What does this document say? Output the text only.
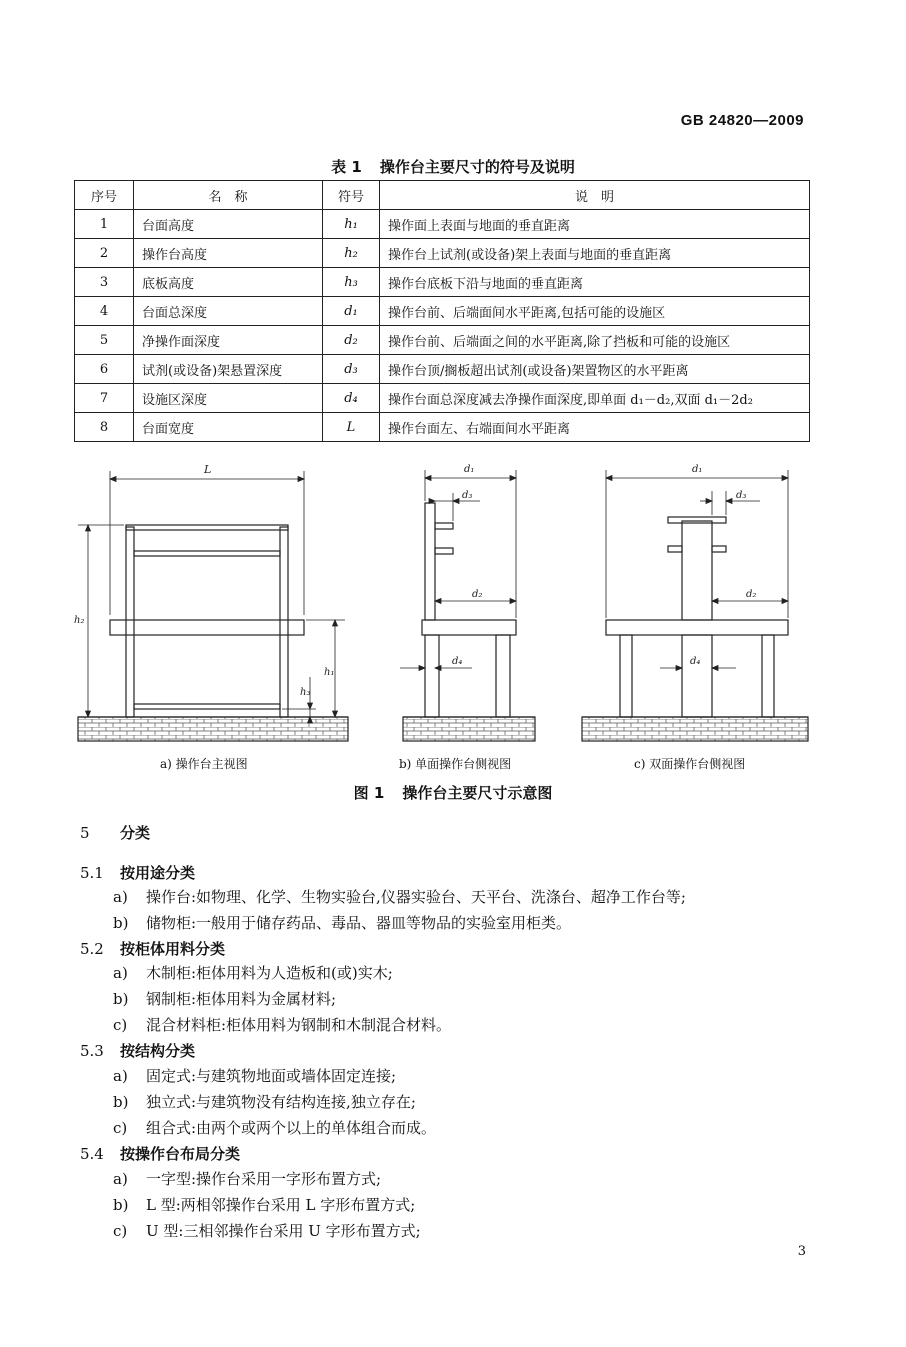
GB 24820—2009
表 1 操作台主要尺寸的符号及说明
序号	名　称	符号	说　明
1	台面高度	h₁	操作面上表面与地面的垂直距离
2	操作台高度	h₂	操作台上试剂(或设备)架上表面与地面的垂直距离
3	底板高度	h₃	操作台底板下沿与地面的垂直距离
4	台面总深度	d₁	操作台前、后端面间水平距离,包括可能的设施区
5	净操作面深度	d₂	操作台前、后端面之间的水平距离,除了挡板和可能的设施区
6	试剂(或设备)架悬置深度	d₃	操作台顶/搁板超出试剂(或设备)架置物区的水平距离
7	设施区深度	d₄	操作台面总深度减去净操作面深度,即单面 d₁－d₂,双面 d₁－2d₂
8	台面宽度	L	操作台面左、右端面间水平距离
L
h₂
h₁
h₃
a) 操作台主视图
d₁
d₃
d₂
d₄
b) 单面操作台侧视图
d₁
d₃
d₂
d₄
c) 双面操作台侧视图
图 1 操作台主要尺寸示意图
5 分类
5.1 按用途分类
a) 操作台:如物理、化学、生物实验台,仪器实验台、天平台、洗涤台、超净工作台等;
b) 储物柜:一般用于储存药品、毒品、器皿等物品的实验室用柜类。
5.2 按柜体用料分类
a) 木制柜:柜体用料为人造板和(或)实木;
b) 钢制柜:柜体用料为金属材料;
c) 混合材料柜:柜体用料为钢制和木制混合材料。
5.3 按结构分类
a) 固定式:与建筑物地面或墙体固定连接;
b) 独立式:与建筑物没有结构连接,独立存在;
c) 组合式:由两个或两个以上的单体组合而成。
5.4 按操作台布局分类
a) 一字型:操作台采用一字形布置方式;
b) L 型:两相邻操作台采用 L 字形布置方式;
c) U 型:三相邻操作台采用 U 字形布置方式;
3
